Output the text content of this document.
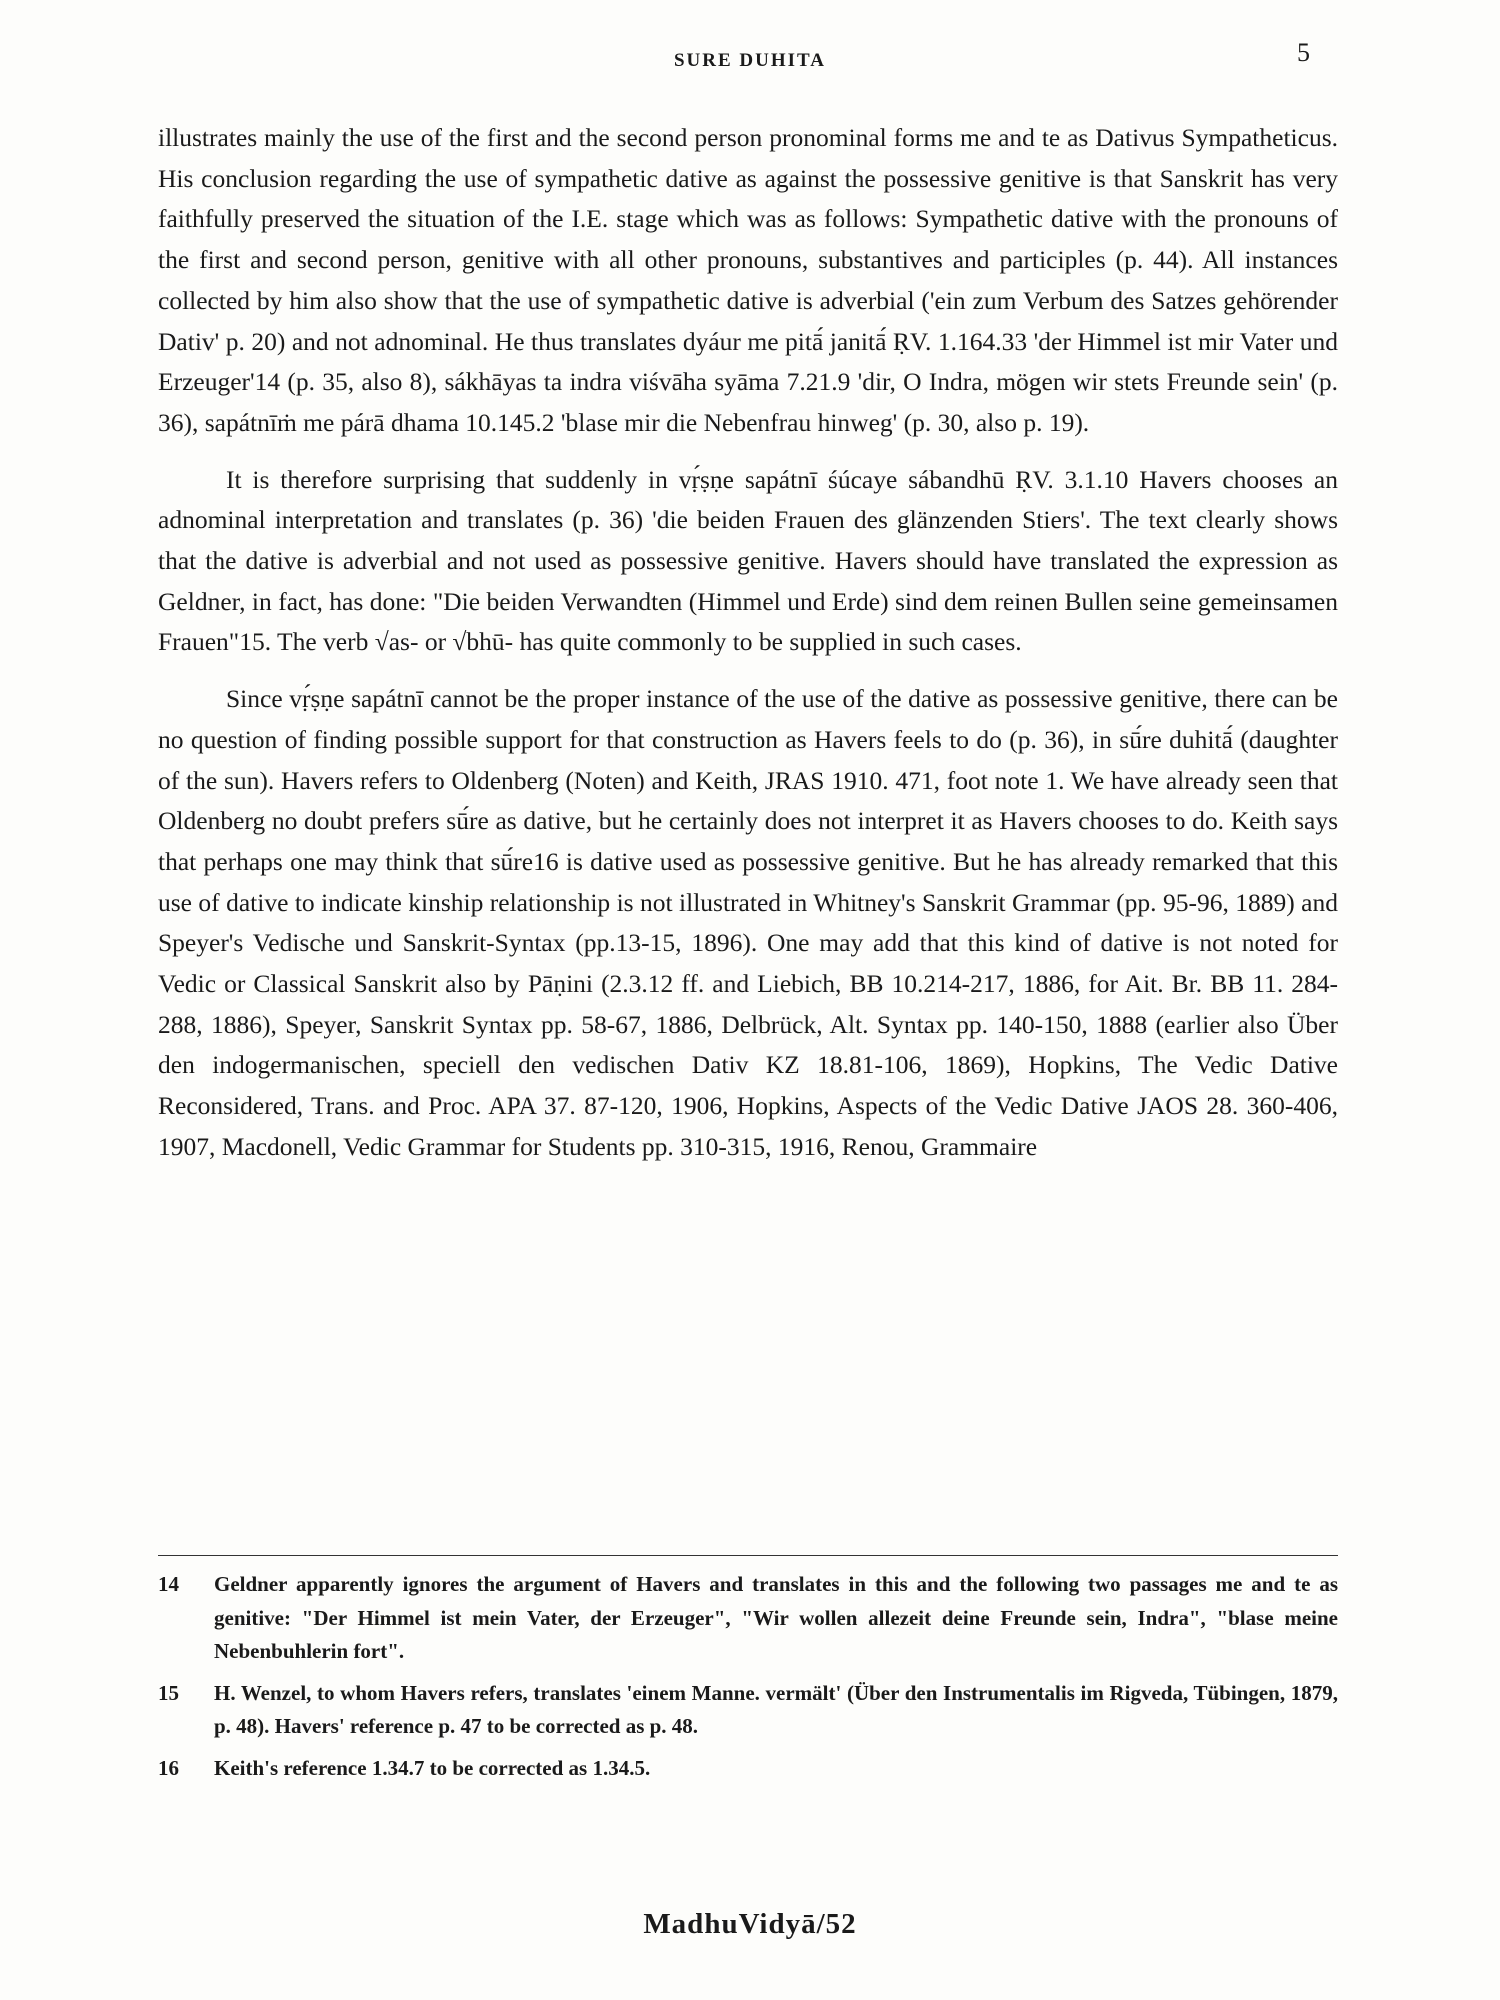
SURE DUHITA	5

illustrates mainly the use of the first and the second person pronominal forms me and te as Dativus Sympatheticus. His conclusion regarding the use of sympathetic dative as against the possessive genitive is that Sanskrit has very faithfully preserved the situation of the I.E. stage which was as follows: Sympathetic dative with the pronouns of the first and second person, genitive with all other pronouns, substantives and participles (p. 44). All instances collected by him also show that the use of sympathetic dative is adverbial ('ein zum Verbum des Satzes gehörender Dativ' p. 20) and not adnominal. He thus translates dyáur me pitā́ janitā́ ṚV. 1.164.33 'der Himmel ist mir Vater und Erzeuger'14 (p. 35, also 8), sákhāyas ta indra viśvāha syāma 7.21.9 'dir, O Indra, mögen wir stets Freunde sein' (p. 36), sapátnīṁ me párā dhama 10.145.2 'blase mir die Nebenfrau hinweg' (p. 30, also p. 19).

It is therefore surprising that suddenly in vṛ́ṣṇe sapátnī śúcaye sábandhū ṚV. 3.1.10 Havers chooses an adnominal interpretation and translates (p. 36) 'die beiden Frauen des glänzenden Stiers'. The text clearly shows that the dative is adverbial and not used as possessive genitive. Havers should have translated the expression as Geldner, in fact, has done: "Die beiden Verwandten (Himmel und Erde) sind dem reinen Bullen seine gemeinsamen Frauen"15. The verb √as- or √bhū- has quite commonly to be supplied in such cases.

Since vṛ́ṣṇe sapátnī cannot be the proper instance of the use of the dative as possessive genitive, there can be no question of finding possible support for that construction as Havers feels to do (p. 36), in sū́re duhitā́ (daughter of the sun). Havers refers to Oldenberg (Noten) and Keith, JRAS 1910. 471, foot note 1. We have already seen that Oldenberg no doubt prefers sū́re as dative, but he certainly does not interpret it as Havers chooses to do. Keith says that perhaps one may think that sū́re16 is dative used as possessive genitive. But he has already remarked that this use of dative to indicate kinship relationship is not illustrated in Whitney's Sanskrit Grammar (pp. 95-96, 1889) and Speyer's Vedische und Sanskrit-Syntax (pp.13-15, 1896). One may add that this kind of dative is not noted for Vedic or Classical Sanskrit also by Pāṇini (2.3.12 ff. and Liebich, BB 10.214-217, 1886, for Ait. Br. BB 11. 284-288, 1886), Speyer, Sanskrit Syntax pp. 58-67, 1886, Delbrück, Alt. Syntax pp. 140-150, 1888 (earlier also Über den indogermanischen, speciell den vedischen Dativ KZ 18.81-106, 1869), Hopkins, The Vedic Dative Reconsidered, Trans. and Proc. APA 37. 87-120, 1906, Hopkins, Aspects of the Vedic Dative JAOS 28. 360-406, 1907, Macdonell, Vedic Grammar for Students pp. 310-315, 1916, Renou, Grammaire

14	Geldner apparently ignores the argument of Havers and translates in this and the following two passages me and te as genitive: "Der Himmel ist mein Vater, der Erzeuger", "Wir wollen allezeit deine Freunde sein, Indra", "blase meine Nebenbuhlerin fort".
15	H. Wenzel, to whom Havers refers, translates 'einem Manne. vermält' (Über den Instrumentalis im Rigveda, Tübingen, 1879, p. 48). Havers' reference p. 47 to be corrected as p. 48.
16	Keith's reference 1.34.7 to be corrected as 1.34.5.
MadhuVidyā/52
